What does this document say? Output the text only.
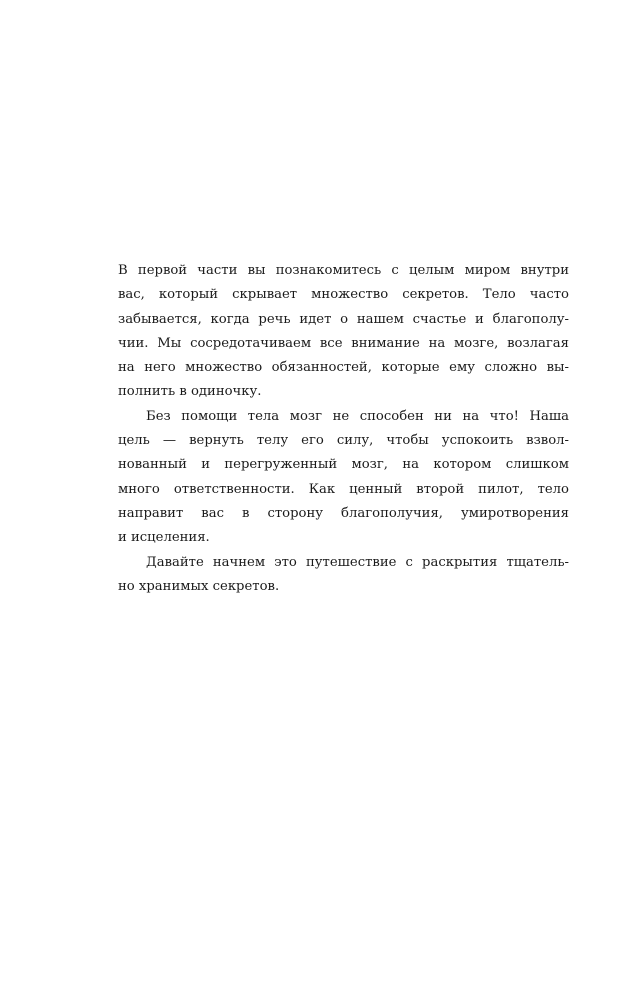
В первой части вы познакомитесь с целым миром внутри
вас, который скрывает множество секретов. Тело часто
забывается, когда речь идет о нашем счастье и благополу-
чии. Мы сосредотачиваем все внимание на мозге, возлагая
на него множество обязанностей, которые ему сложно вы-
полнить в одиночку.
Без помощи тела мозг не способен ни на что! Наша
цель — вернуть телу его силу, чтобы успокоить взвол-
нованный и перегруженный мозг, на котором слишком
много ответственности. Как ценный второй пилот, тело
направит вас в сторону благополучия, умиротворения
и исцеления.
Давайте начнем это путешествие с раскрытия тщатель-
но хранимых секретов.
